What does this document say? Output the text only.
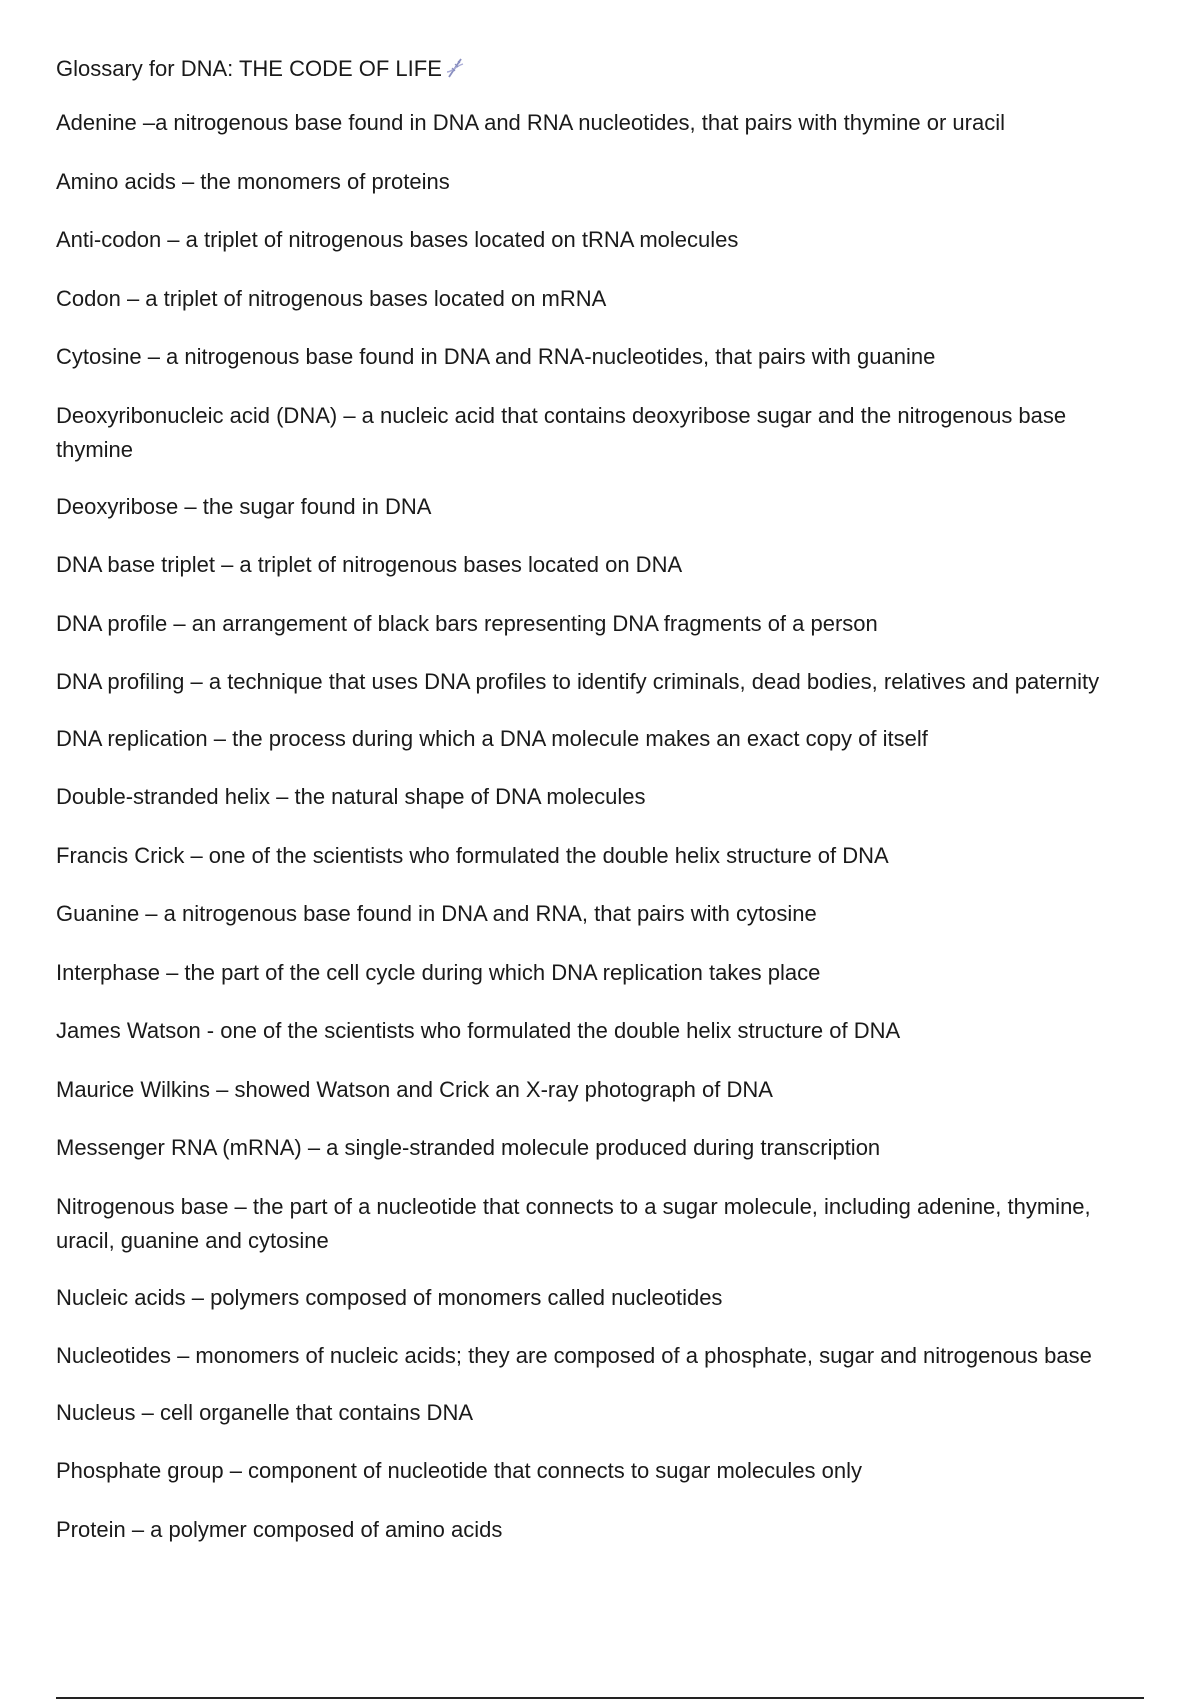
Glossary for DNA: THE CODE OF LIFE
Adenine –a nitrogenous base found in DNA and RNA nucleotides, that pairs with thymine or uracil
Amino acids – the monomers of proteins
Anti-codon – a triplet of nitrogenous bases located on tRNA molecules
Codon – a triplet of nitrogenous bases located on mRNA
Cytosine – a nitrogenous base found in DNA and RNA-nucleotides, that pairs with guanine
Deoxyribonucleic acid (DNA) – a nucleic acid that contains deoxyribose sugar and the nitrogenous base thymine
Deoxyribose – the sugar found in DNA
DNA base triplet – a triplet of nitrogenous bases located on DNA
DNA profile – an arrangement of black bars representing DNA fragments of a person
DNA profiling – a technique that uses DNA profiles to identify criminals, dead bodies, relatives and paternity
DNA replication – the process during which a DNA molecule makes an exact copy of itself
Double-stranded helix – the natural shape of DNA molecules
Francis Crick – one of the scientists who formulated the double helix structure of DNA
Guanine – a nitrogenous base found in DNA and RNA, that pairs with cytosine
Interphase – the part of the cell cycle during which DNA replication takes place
James Watson - one of the scientists who formulated the double helix structure of DNA
Maurice Wilkins – showed Watson and Crick an X-ray photograph of DNA
Messenger RNA (mRNA) – a single-stranded molecule produced during transcription
Nitrogenous base – the part of a nucleotide that connects to a sugar molecule, including adenine, thymine, uracil, guanine and cytosine
Nucleic acids – polymers composed of monomers called nucleotides
Nucleotides – monomers of nucleic acids; they are composed of a phosphate, sugar and nitrogenous base
Nucleus – cell organelle that contains DNA
Phosphate group – component of nucleotide that connects to sugar molecules only
Protein – a polymer composed of amino acids
